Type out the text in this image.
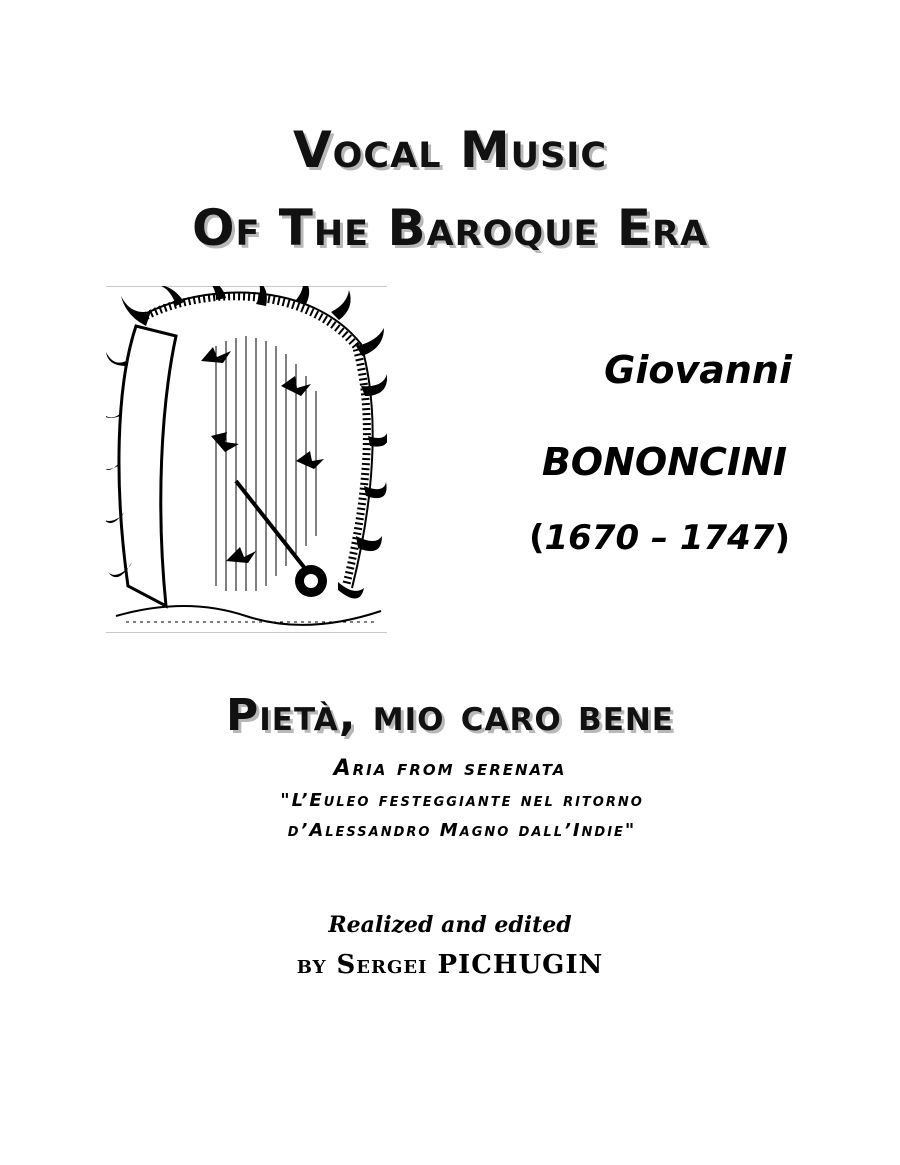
Vocal Music
Of The Baroque Era
Giovanni
BONONCINI
(1670 – 1747)
Pietà, mio caro bene
Aria from serenata
"L’Euleo festeggiante nel ritorno
d’Alessandro Magno dall’Indie"
Realized and edited
by Sergei PICHUGIN
